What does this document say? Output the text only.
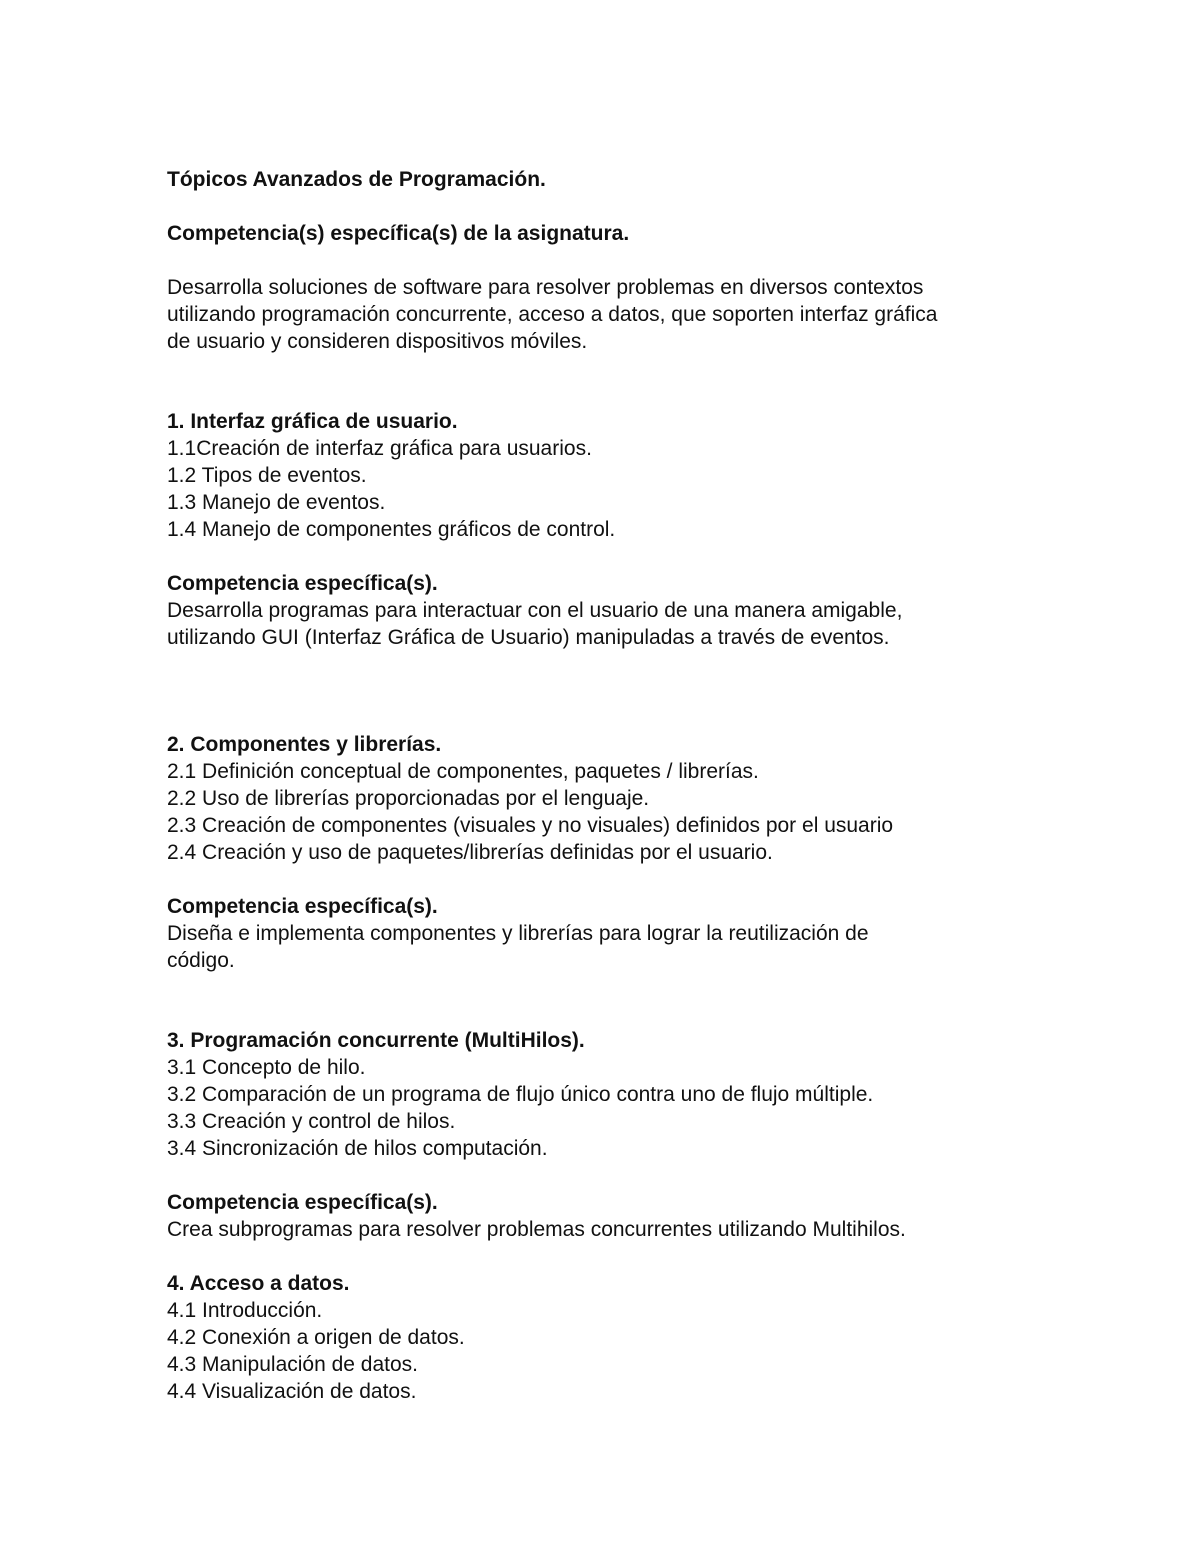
Tópicos Avanzados de Programación.
Competencia(s) específica(s) de la asignatura.
Desarrolla soluciones de software para resolver problemas en diversos contextos
utilizando programación concurrente, acceso a datos, que soporten interfaz gráfica
de usuario y consideren dispositivos móviles.
1. Interfaz gráfica de usuario.
1.1Creación de interfaz gráfica para usuarios.
1.2 Tipos de eventos.
1.3 Manejo de eventos.
1.4 Manejo de componentes gráficos de control.
Competencia específica(s).
Desarrolla programas para interactuar con el usuario de una manera amigable,
utilizando GUI (Interfaz Gráfica de Usuario) manipuladas a través de eventos.
2. Componentes y librerías.
2.1 Definición conceptual de componentes, paquetes / librerías.
2.2 Uso de librerías proporcionadas por el lenguaje.
2.3 Creación de componentes (visuales y no visuales) definidos por el usuario
2.4 Creación y uso de paquetes/librerías definidas por el usuario.
Competencia específica(s).
Diseña e implementa componentes y librerías para lograr la reutilización de
código.
3. Programación concurrente (MultiHilos).
3.1 Concepto de hilo.
3.2 Comparación de un programa de flujo único contra uno de flujo múltiple.
3.3 Creación y control de hilos.
3.4 Sincronización de hilos computación.
Competencia específica(s).
Crea subprogramas para resolver problemas concurrentes utilizando Multihilos.
4. Acceso a datos.
4.1 Introducción.
4.2 Conexión a origen de datos.
4.3 Manipulación de datos.
4.4 Visualización de datos.
